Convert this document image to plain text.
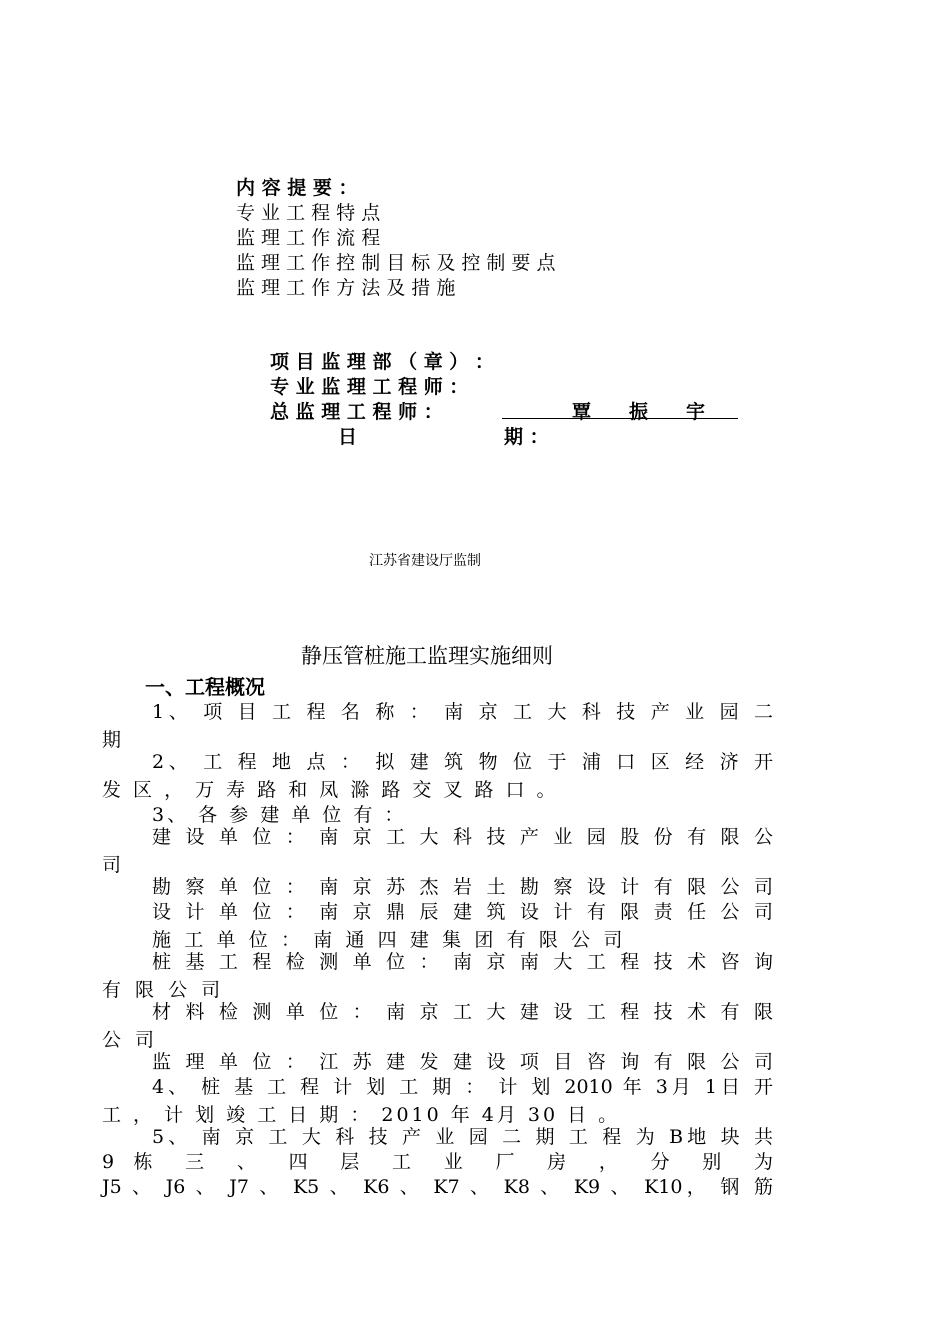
内 容 提 要 ：
专 业 工 程 特 点
监 理 工 作 流 程
监 理 工 作 控 制 目 标 及 控 制 要 点
监 理 工 作 方 法 及 措 施
项 目 监 理 部 （ 章 ） ：
专 业 监 理 工 程 师 ：
总 监 理 工 程 师 ：	覃　　振　　宇
日	期 ：
江苏省建设厅监制
静压管桩施工监理实施细则
一、工程概况
1、 项 目 工 程 名 称 ： 南 京 工 大 科 技 产 业 园 二
期
2、 工 程 地 点 ： 拟 建 筑 物 位 于 浦 口 区 经 济 开
发 区 ， 万 寿 路 和 凤 滁 路 交 叉 路 口 。
3、 各 参 建 单 位 有 ：
建 设 单 位 ： 南 京 工 大 科 技 产 业 园 股 份 有 限 公
司
勘 察 单 位 ： 南 京 苏 杰 岩 土 勘 察 设 计 有 限 公 司
设 计 单 位 ： 南 京 鼎 辰 建 筑 设 计 有 限 责 任 公 司
施 工 单 位 ： 南 通 四 建 集 团 有 限 公 司
桩 基 工 程 检 测 单 位 ： 南 京 南 大 工 程 技 术 咨 询
有 限 公 司
材 料 检 测 单 位 ： 南 京 工 大 建 设 工 程 技 术 有 限
公 司
监 理 单 位 ： 江 苏 建 发 建 设 项 目 咨 询 有 限 公 司
4、 桩 基 工 程 计 划 工 期 ： 计 划 2010 年 3月 1日 开
工 ， 计 划 竣 工 日 期 ： 2010 年 4月 30 日 。
5、 南 京 工 大 科 技 产 业 园 二 期 工 程 为 B地 块 共
9 栋 三 、 四 层 工 业 厂 房 ， 分 别 为
J5 、 J6 、 J7 、 K5 、 K6 、 K7 、 K8 、 K9 、 K10， 钢 筋
